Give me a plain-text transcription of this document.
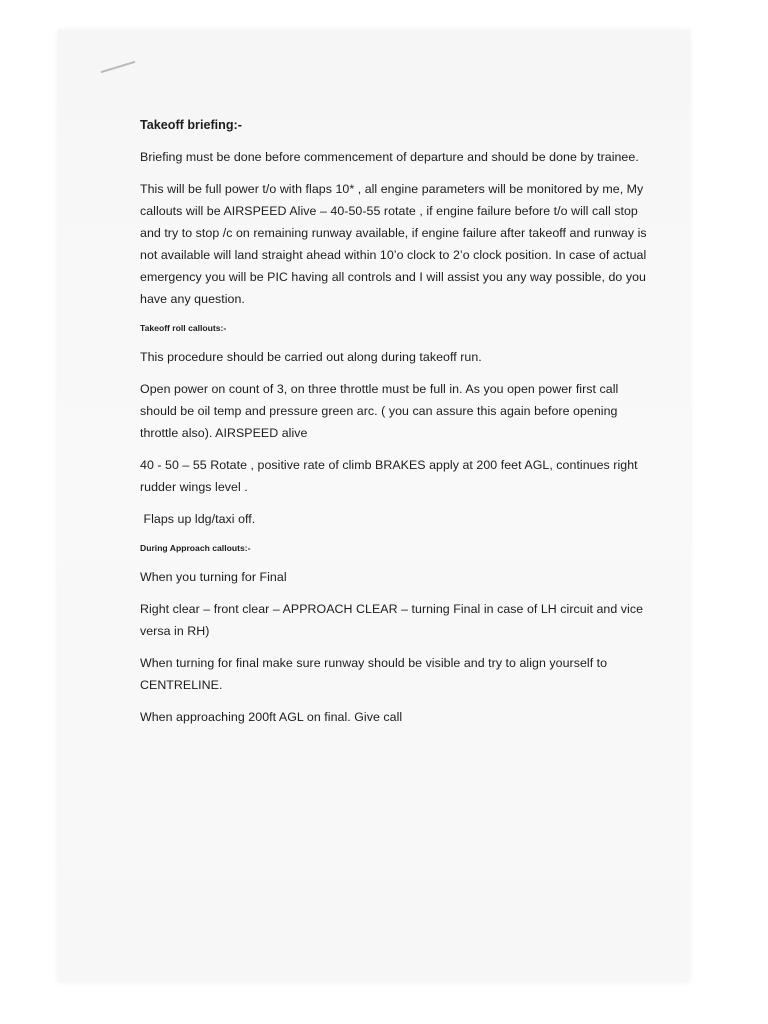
Takeoff briefing:-

Briefing must be done before commencement of departure and should be done by trainee.

This will be full power t/o with flaps 10* , all engine parameters will be monitored by me, My callouts will be AIRSPEED Alive – 40-50-55 rotate , if engine failure before t/o will call stop and try to stop /c on remaining runway available, if engine failure after takeoff and runway is not available will land straight ahead within 10’o clock to 2’o clock position. In case of actual emergency you will be PIC having all controls and I will assist you any way possible, do you have any question.

Takeoff roll callouts:-

This procedure should be carried out along during takeoff run.

Open power on count of 3, on three throttle must be full in. As you open power first call should be oil temp and pressure green arc. ( you can assure this again before opening throttle also). AIRSPEED alive

40 - 50 – 55 Rotate , positive rate of climb BRAKES apply at 200 feet AGL, continues right rudder wings level .

Flaps up ldg/taxi off.

During Approach callouts:-

When you turning for Final

Right clear – front clear – APPROACH CLEAR – turning Final in case of LH circuit and vice versa in RH)

When turning for final make sure runway should be visible and try to align yourself to CENTRELINE.

When approaching 200ft AGL on final. Give call
